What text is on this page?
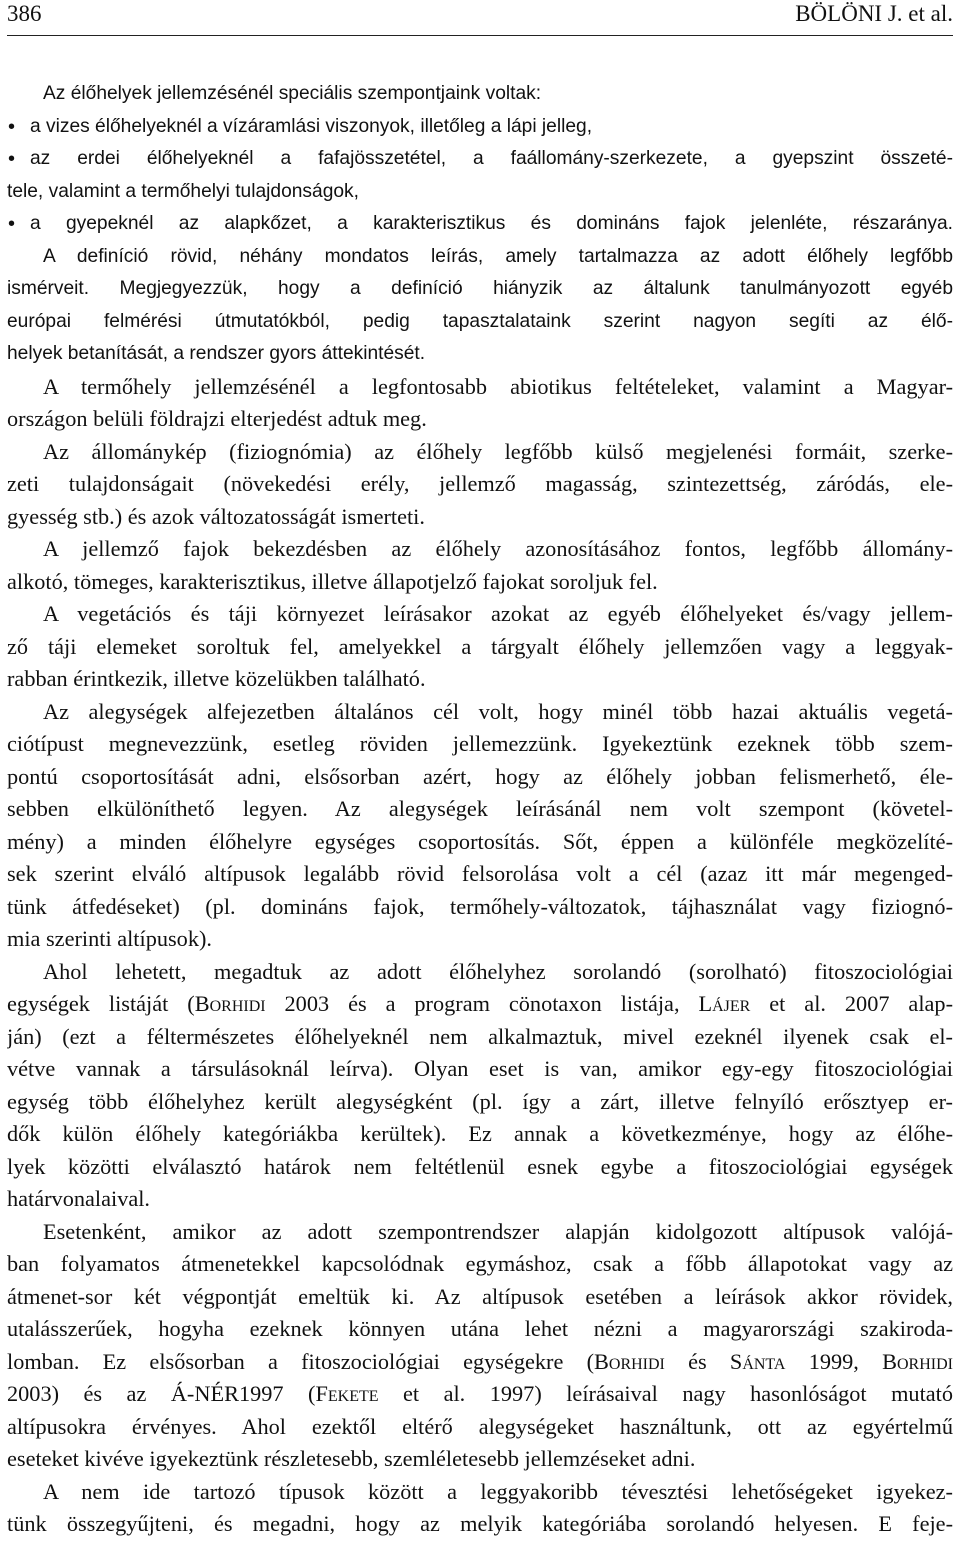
386	BÖLÖNI J. et al.
Az élőhelyek jellemzésénél speciális szempontjaink voltak:
• a vizes élőhelyeknél a vízáramlási viszonyok, illetőleg a lápi jelleg,
• az erdei élőhelyeknél a fafajösszetétel, a faállomány-szerkezete, a gyepszint összeté-
tele, valamint a termőhelyi tulajdonságok,
• a gyepeknél az alapkőzet, a karakterisztikus és domináns fajok jelenléte, részaránya.
A definíció rövid, néhány mondatos leírás, amely tartalmazza az adott élőhely legfőbb
ismérveit. Megjegyezzük, hogy a definíció hiányzik az általunk tanulmányozott egyéb
európai felmérési útmutatókból, pedig tapasztalataink szerint nagyon segíti az élő-
helyek betanítását, a rendszer gyors áttekintését.
A termőhely jellemzésénél a legfontosabb abiotikus feltételeket, valamint a Magyar-
országon belüli földrajzi elterjedést adtuk meg.
Az állománykép (fiziognómia) az élőhely legfőbb külső megjelenési formáit, szerke-
zeti tulajdonságait (növekedési erély, jellemző magasság, szintezettség, záródás, ele-
gyesség stb.) és azok változatosságát ismerteti.
A jellemző fajok bekezdésben az élőhely azonosításához fontos, legfőbb állomány-
alkotó, tömeges, karakterisztikus, illetve állapotjelző fajokat soroljuk fel.
A vegetációs és táji környezet leírásakor azokat az egyéb élőhelyeket és/vagy jellem-
ző táji elemeket soroltuk fel, amelyekkel a tárgyalt élőhely jellemzően vagy a leggyak-
rabban érintkezik, illetve közelükben található.
Az alegységek alfejezetben általános cél volt, hogy minél több hazai aktuális vegetá-
ciótípust megnevezzünk, esetleg röviden jellemezzünk. Igyekeztünk ezeknek több szem-
pontú csoportosítását adni, elsősorban azért, hogy az élőhely jobban felismerhető, éle-
sebben elkülöníthető legyen. Az alegységek leírásánál nem volt szempont (követel-
mény) a minden élőhelyre egységes csoportosítás. Sőt, éppen a különféle megközelíté-
sek szerint elváló altípusok legalább rövid felsorolása volt a cél (azaz itt már megenged-
tünk átfedéseket) (pl. domináns fajok, termőhely-változatok, tájhasználat vagy fiziognó-
mia szerinti altípusok).
Ahol lehetett, megadtuk az adott élőhelyhez sorolandó (sorolható) fitoszociológiai
egységek listáját (Borhidi 2003 és a program cönotaxon listája, Lájer et al. 2007 alap-
ján) (ezt a féltermészetes élőhelyeknél nem alkalmaztuk, mivel ezeknél ilyenek csak el-
vétve vannak a társulásoknál leírva). Olyan eset is van, amikor egy-egy fitoszociológiai
egység több élőhelyhez került alegységként (pl. így a zárt, illetve felnyíló erősztyep er-
dők külön élőhely kategóriákba kerültek). Ez annak a következménye, hogy az élőhe-
lyek közötti elválasztó határok nem feltétlenül esnek egybe a fitoszociológiai egységek
határvonalaival.
Esetenként, amikor az adott szempontrendszer alapján kidolgozott altípusok valójá-
ban folyamatos átmenetekkel kapcsolódnak egymáshoz, csak a főbb állapotokat vagy az
átmenet-sor két végpontját emeltük ki. Az altípusok esetében a leírások akkor rövidek,
utalásszerűek, hogyha ezeknek könnyen utána lehet nézni a magyarországi szakiroda-
lomban. Ez elsősorban a fitoszociológiai egységekre (Borhidi és Sánta 1999, Borhidi
2003) és az Á-NÉR1997 (Fekete et al. 1997) leírásaival nagy hasonlóságot mutató
altípusokra érvényes. Ahol ezektől eltérő alegységeket használtunk, ott az egyértelmű
eseteket kivéve igyekeztünk részletesebb, szemléletesebb jellemzéseket adni.
A nem ide tartozó típusok között a leggyakoribb tévesztési lehetőségeket igyekez-
tünk összegyűjteni, és megadni, hogy az melyik kategóriába sorolandó helyesen. E feje-
